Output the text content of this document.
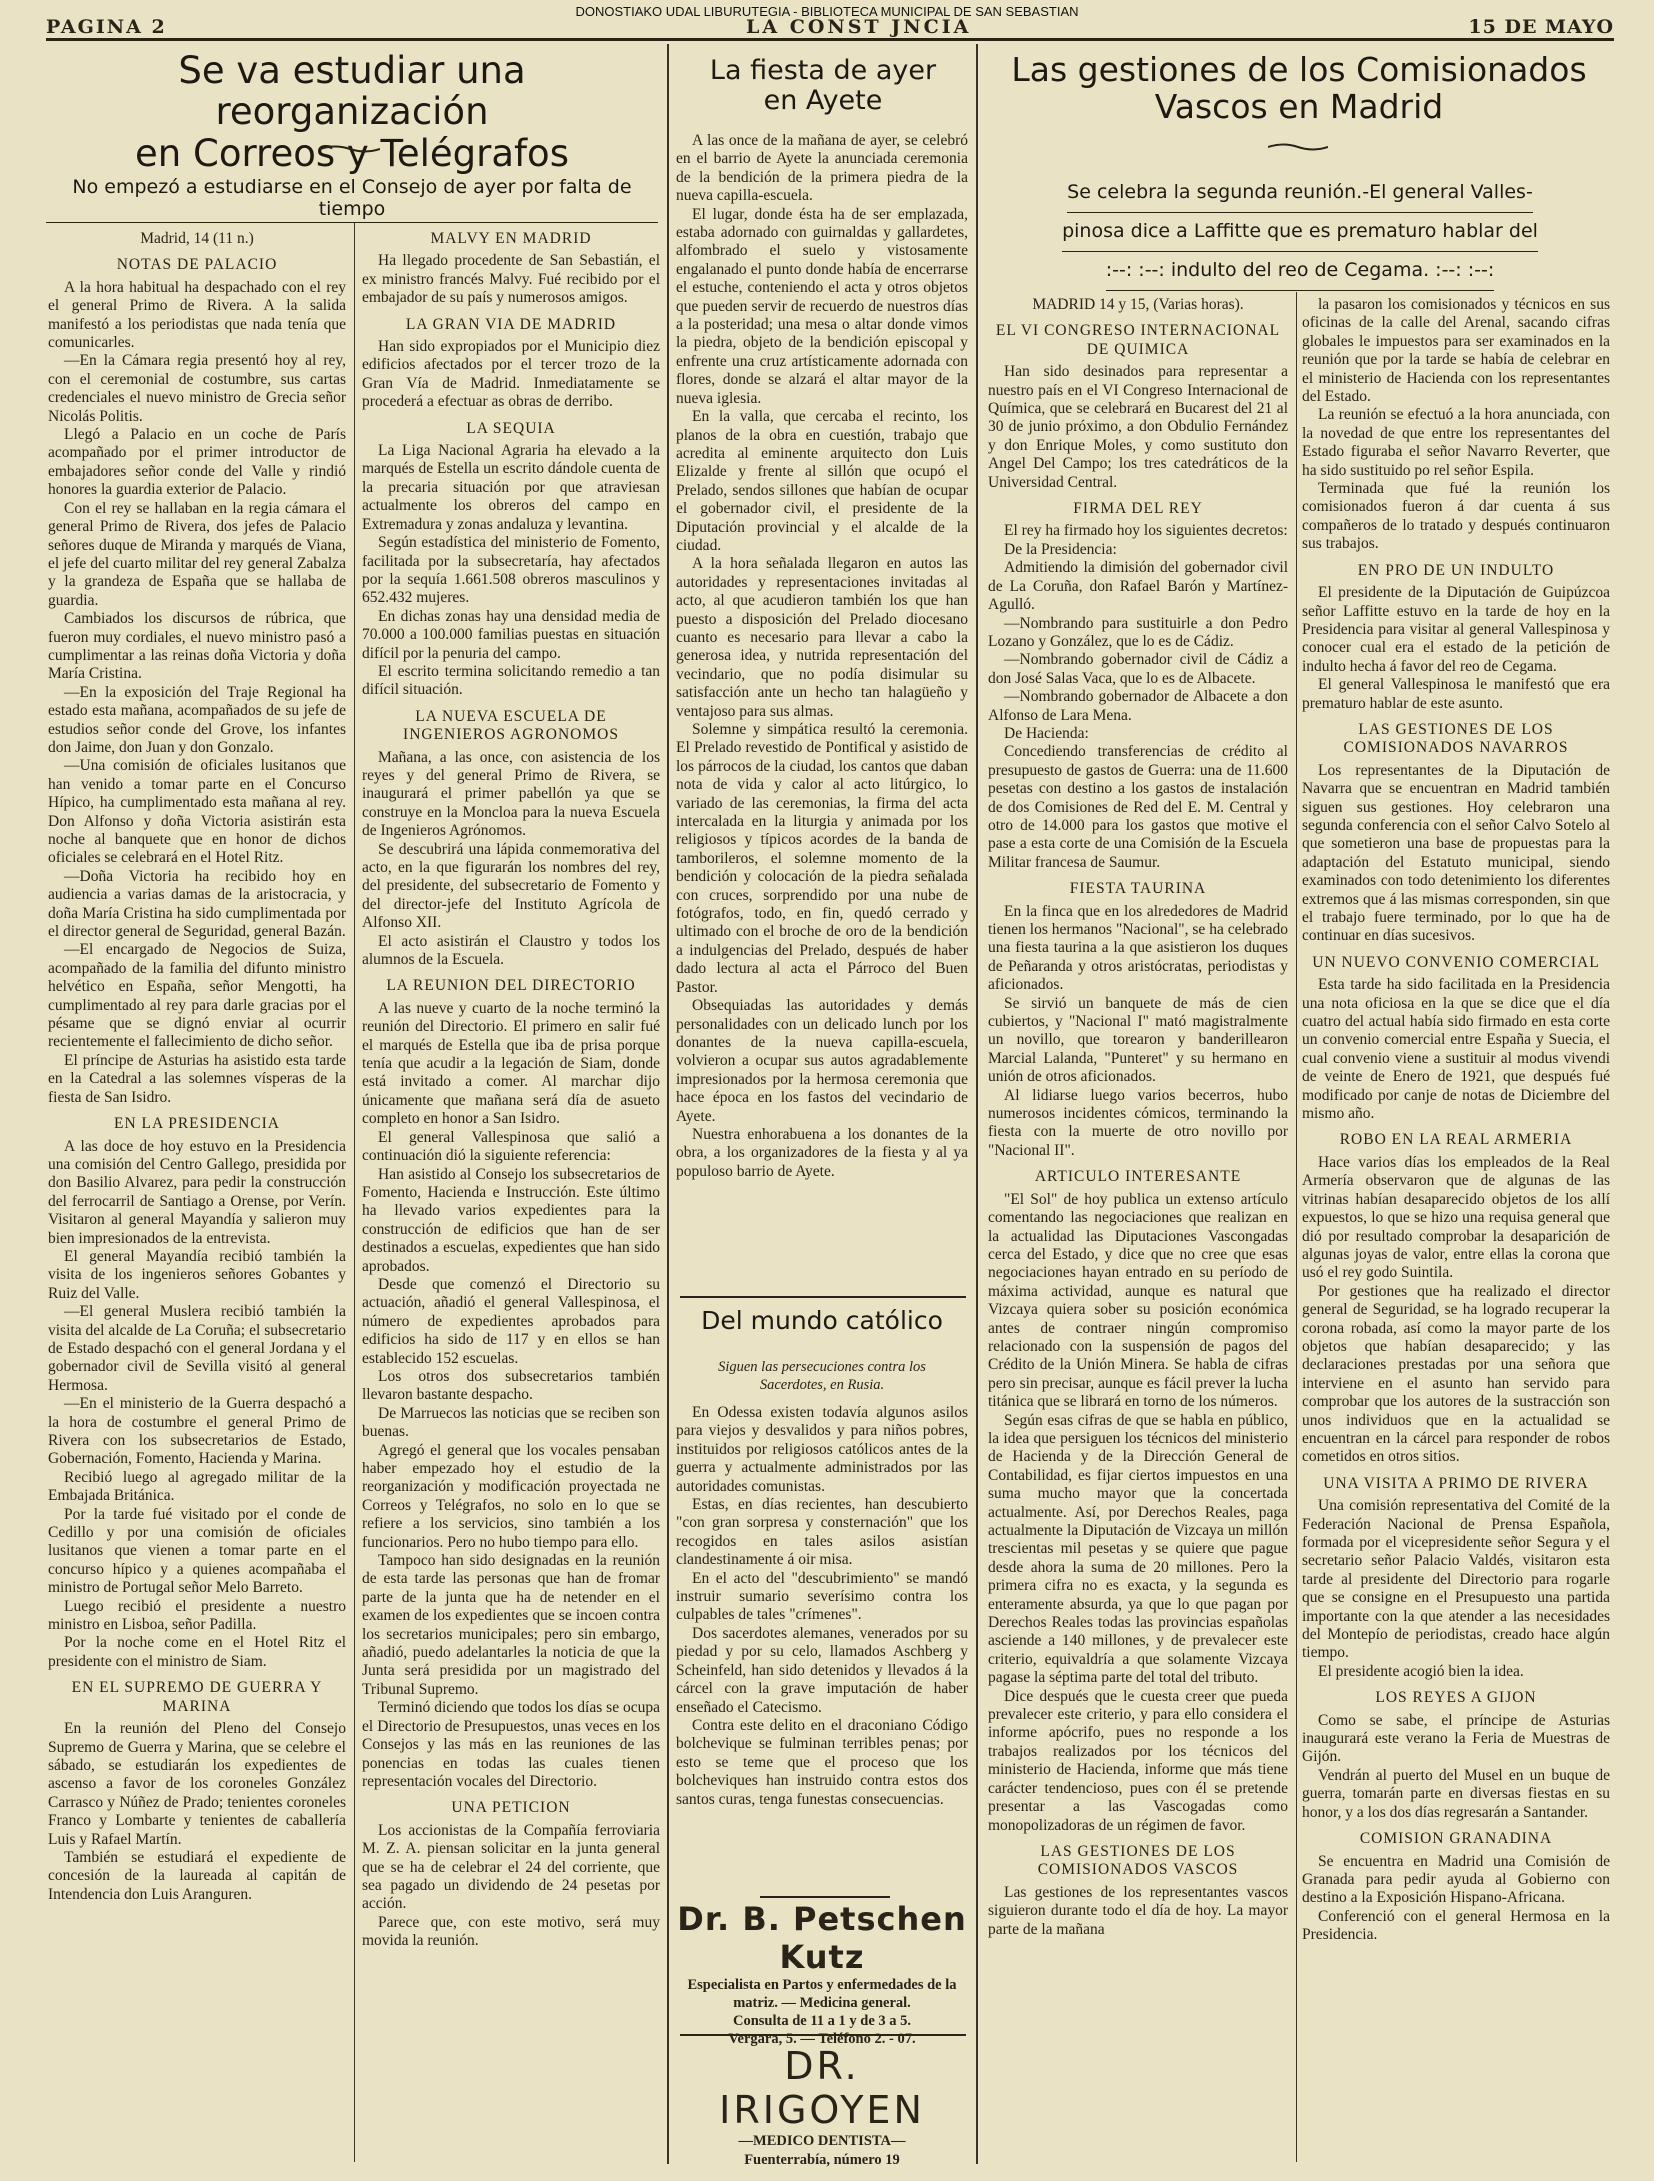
DONOSTIAKO UDAL LIBURUTEGIA - BIBLIOTECA MUNICIPAL DE SAN SEBASTIAN
PAGINA 2	LA CONST JNCIA	15 DE MAYO
Se va estudiar una reorganización
en Correos y Telégrafos
No empezó a estudiarse en el Consejo de ayer por falta de tiempo

Madrid, 14 (11 n.)

NOTAS DE PALACIO

A la hora habitual ha despachado con el rey el general Primo de Rivera. A la salida manifestó a los periodistas que nada tenía que comunicarles.

—En la Cámara regia presentó hoy al rey, con el ceremonial de costumbre, sus cartas credenciales el nuevo ministro de Grecia señor Nicolás Politis.

Llegó a Palacio en un coche de París acompañado por el primer introductor de embajadores señor conde del Valle y rindió honores la guardia exterior de Palacio.

Con el rey se hallaban en la regia cámara el general Primo de Rivera, dos jefes de Palacio señores duque de Miranda y marqués de Viana, el jefe del cuarto militar del rey general Zabalza y la grandeza de España que se hallaba de guardia.

Cambiados los discursos de rúbrica, que fueron muy cordiales, el nuevo ministro pasó a cumplimentar a las reinas doña Victoria y doña María Cristina.

—En la exposición del Traje Regional ha estado esta mañana, acompañados de su jefe de estudios señor conde del Grove, los infantes don Jaime, don Juan y don Gonzalo.

—Una comisión de oficiales lusitanos que han venido a tomar parte en el Concurso Hípico, ha cumplimentado esta mañana al rey. Don Alfonso y doña Victoria asistirán esta noche al banquete que en honor de dichos oficiales se celebrará en el Hotel Ritz.

—Doña Victoria ha recibido hoy en audiencia a varias damas de la aristocracia, y doña María Cristina ha sido cumplimentada por el director general de Seguridad, general Bazán.

—El encargado de Negocios de Suiza, acompañado de la familia del difunto ministro helvético en España, señor Mengotti, ha cumplimentado al rey para darle gracias por el pésame que se dignó enviar al ocurrir recientemente el fallecimiento de dicho señor.

El príncipe de Asturias ha asistido esta tarde en la Catedral a las solemnes vísperas de la fiesta de San Isidro.

EN LA PRESIDENCIA

A las doce de hoy estuvo en la Presidencia una comisión del Centro Gallego, presidida por don Basilio Alvarez, para pedir la construcción del ferrocarril de Santiago a Orense, por Verín. Visitaron al general Mayandía y salieron muy bien impresionados de la entrevista.

El general Mayandía recibió también la visita de los ingenieros señores Gobantes y Ruiz del Valle.

—El general Muslera recibió también la visita del alcalde de La Coruña; el subsecretario de Estado despachó con el general Jordana y el gobernador civil de Sevilla visitó al general Hermosa.

—En el ministerio de la Guerra despachó a la hora de costumbre el general Primo de Rivera con los subsecretarios de Estado, Gobernación, Fomento, Hacienda y Marina.

Recibió luego al agregado militar de la Embajada Británica.

Por la tarde fué visitado por el conde de Cedillo y por una comisión de oficiales lusitanos que vienen a tomar parte en el concurso hípico y a quienes acompañaba el ministro de Portugal señor Melo Barreto.

Luego recibió el presidente a nuestro ministro en Lisboa, señor Padilla.

Por la noche come en el Hotel Ritz el presidente con el ministro de Siam.

EN EL SUPREMO DE GUERRA Y MARINA

En la reunión del Pleno del Consejo Supremo de Guerra y Marina, que se celebre el sábado, se estudiarán los expedientes de ascenso a favor de los coroneles González Carrasco y Núñez de Prado; tenientes coroneles Franco y Lombarte y tenientes de caballería Luis y Rafael Martín.

También se estudiará el expediente de concesión de la laureada al capitán de Intendencia don Luis Aranguren.

MALVY EN MADRID

Ha llegado procedente de San Sebastián, el ex ministro francés Malvy. Fué recibido por el embajador de su país y numerosos amigos.

LA GRAN VIA DE MADRID

Han sido expropiados por el Municipio diez edificios afectados por el tercer trozo de la Gran Vía de Madrid. Inmediatamente se procederá a efectuar as obras de derribo.

LA SEQUIA

La Liga Nacional Agraria ha elevado a la marqués de Estella un escrito dándole cuenta de la precaria situación por que atraviesan actualmente los obreros del campo en Extremadura y zonas andaluza y levantina.

Según estadística del ministerio de Fomento, facilitada por la subsecretaría, hay afectados por la sequía 1.661.508 obreros masculinos y 652.432 mujeres.

En dichas zonas hay una densidad media de 70.000 a 100.000 familias puestas en situación difícil por la penuria del campo.

El escrito termina solicitando remedio a tan difícil situación.

LA NUEVA ESCUELA DE INGENIEROS AGRONOMOS

Mañana, a las once, con asistencia de los reyes y del general Primo de Rivera, se inaugurará el primer pabellón ya que se construye en la Moncloa para la nueva Escuela de Ingenieros Agrónomos.

Se descubrirá una lápida conmemorativa del acto, en la que figurarán los nombres del rey, del presidente, del subsecretario de Fomento y del director-jefe del Instituto Agrícola de Alfonso XII.

El acto asistirán el Claustro y todos los alumnos de la Escuela.

LA REUNION DEL DIRECTORIO

A las nueve y cuarto de la noche terminó la reunión del Directorio. El primero en salir fué el marqués de Estella que iba de prisa porque tenía que acudir a la legación de Siam, donde está invitado a comer. Al marchar dijo únicamente que mañana será día de asueto completo en honor a San Isidro.

El general Vallespinosa que salió a continuación dió la siguiente referencia:

Han asistido al Consejo los subsecretarios de Fomento, Hacienda e Instrucción. Este último ha llevado varios expedientes para la construcción de edificios que han de ser destinados a escuelas, expedientes que han sido aprobados.

Desde que comenzó el Directorio su actuación, añadió el general Vallespinosa, el número de expedientes aprobados para edificios ha sido de 117 y en ellos se han establecido 152 escuelas.

Los otros dos subsecretarios también llevaron bastante despacho.

De Marruecos las noticias que se reciben son buenas.

Agregó el general que los vocales pensaban haber empezado hoy el estudio de la reorganización y modificación proyectada ne Correos y Telégrafos, no solo en lo que se refiere a los servicios, sino también a los funcionarios. Pero no hubo tiempo para ello.

Tampoco han sido designadas en la reunión de esta tarde las personas que han de fromar parte de la junta que ha de netender en el examen de los expedientes que se incoen contra los secretarios municipales; pero sin embargo, añadió, puedo adelantarles la noticia de que la Junta será presidida por un magistrado del Tribunal Supremo.

Terminó diciendo que todos los días se ocupa el Directorio de Presupuestos, unas veces en los Consejos y las más en las reuniones de las ponencias en todas las cuales tienen representación vocales del Directorio.

UNA PETICION

Los accionistas de la Compañía ferroviaria M. Z. A. piensan solicitar en la junta general que se ha de celebrar el 24 del corriente, que sea pagado un dividendo de 24 pesetas por acción.

Parece que, con este motivo, será muy movida la reunión.

La fiesta de ayer
en Ayete

A las once de la mañana de ayer, se celebró en el barrio de Ayete la anunciada ceremonia de la bendición de la primera piedra de la nueva capilla-escuela.

El lugar, donde ésta ha de ser emplazada, estaba adornado con guirnaldas y gallardetes, alfombrado el suelo y vistosamente engalanado el punto donde había de encerrarse el estuche, conteniendo el acta y otros objetos que pueden servir de recuerdo de nuestros días a la posteridad; una mesa o altar donde vimos la piedra, objeto de la bendición episcopal y enfrente una cruz artísticamente adornada con flores, donde se alzará el altar mayor de la nueva iglesia.

En la valla, que cercaba el recinto, los planos de la obra en cuestión, trabajo que acredita al eminente arquitecto don Luis Elizalde y frente al sillón que ocupó el Prelado, sendos sillones que habían de ocupar el gobernador civil, el presidente de la Diputación provincial y el alcalde de la ciudad.

A la hora señalada llegaron en autos las autoridades y representaciones invitadas al acto, al que acudieron también los que han puesto a disposición del Prelado diocesano cuanto es necesario para llevar a cabo la generosa idea, y nutrida representación del vecindario, que no podía disimular su satisfacción ante un hecho tan halagüeño y ventajoso para sus almas.

Solemne y simpática resultó la ceremonia. El Prelado revestido de Pontifical y asistido de los párrocos de la ciudad, los cantos que daban nota de vida y calor al acto litúrgico, lo variado de las ceremonias, la firma del acta intercalada en la liturgia y animada por los religiosos y típicos acordes de la banda de tamborileros, el solemne momento de la bendición y colocación de la piedra señalada con cruces, sorprendido por una nube de fotógrafos, todo, en fin, quedó cerrado y ultimado con el broche de oro de la bendición a indulgencias del Prelado, después de haber dado lectura al acta el Párroco del Buen Pastor.

Obsequiadas las autoridades y demás personalidades con un delicado lunch por los donantes de la nueva capilla-escuela, volvieron a ocupar sus autos agradablemente impresionados por la hermosa ceremonia que hace época en los fastos del vecindario de Ayete.

Nuestra enhorabuena a los donantes de la obra, a los organizadores de la fiesta y al ya populoso barrio de Ayete.

Del mundo católico
Siguen las persecuciones contra los Sacerdotes, en Rusia.

En Odessa existen todavía algunos asilos para viejos y desvalidos y para niños pobres, instituidos por religiosos católicos antes de la guerra y actualmente administrados por las autoridades comunistas.

Estas, en días recientes, han descubierto "con gran sorpresa y consternación" que los recogidos en tales asilos asistían clandestinamente á oir misa.

En el acto del "descubrimiento" se mandó instruir sumario severísimo contra los culpables de tales "crímenes".

Dos sacerdotes alemanes, venerados por su piedad y por su celo, llamados Aschberg y Scheinfeld, han sido detenidos y llevados á la cárcel con la grave imputación de haber enseñado el Catecismo.

Contra este delito en el draconiano Código bolchevique se fulminan terribles penas; por esto se teme que el proceso que los bolcheviques han instruido contra estos dos santos curas, tenga funestas consecuencias.

Dr. B. Petschen Kutz
Especialista en Partos y enfermedades de la matriz. — Medicina general.
Consulta de 11 a 1 y de 3 a 5.
Vergara, 5. — Teléfono 2. - 07.
DR. IRIGOYEN
—MEDICO DENTISTA—
Fuenterrabía, número 19
Las gestiones de los Comisionados
Vascos en Madrid
Se celebra la segunda reunión.-El general Valles-
pinosa dice a Laffitte que es prematuro hablar del
:--: :--: indulto del reo de Cegama. :--: :--:

MADRID 14 y 15, (Varias horas).

EL VI CONGRESO INTERNACIONAL DE QUIMICA

Han sido desinados para representar a nuestro país en el VI Congreso Internacional de Química, que se celebrará en Bucarest del 21 al 30 de junio próximo, a don Obdulio Fernández y don Enrique Moles, y como sustituto don Angel Del Campo; los tres catedráticos de la Universidad Central.

FIRMA DEL REY

El rey ha firmado hoy los siguientes decretos:

De la Presidencia:

Admitiendo la dimisión del gobernador civil de La Coruña, don Rafael Barón y Martínez-Agulló.

—Nombrando para sustituirle a don Pedro Lozano y González, que lo es de Cádiz.

—Nombrando gobernador civil de Cádiz a don José Salas Vaca, que lo es de Albacete.

—Nombrando gobernador de Albacete a don Alfonso de Lara Mena.

De Hacienda:

Concediendo transferencias de crédito al presupuesto de gastos de Guerra: una de 11.600 pesetas con destino a los gastos de instalación de dos Comisiones de Red del E. M. Central y otro de 14.000 para los gastos que motive el pase a esta corte de una Comisión de la Escuela Militar francesa de Saumur.

FIESTA TAURINA

En la finca que en los alrededores de Madrid tienen los hermanos "Nacional", se ha celebrado una fiesta taurina a la que asistieron los duques de Peñaranda y otros aristócratas, periodistas y aficionados.

Se sirvió un banquete de más de cien cubiertos, y "Nacional I" mató magistralmente un novillo, que torearon y banderillearon Marcial Lalanda, "Punteret" y su hermano en unión de otros aficionados.

Al lidiarse luego varios becerros, hubo numerosos incidentes cómicos, terminando la fiesta con la muerte de otro novillo por "Nacional II".

ARTICULO INTERESANTE

"El Sol" de hoy publica un extenso artículo comentando las negociaciones que realizan en la actualidad las Diputaciones Vascongadas cerca del Estado, y dice que no cree que esas negociaciones hayan entrado en su período de máxima actividad, aunque es natural que Vizcaya quiera sober su posición económica antes de contraer ningún compromiso relacionado con la suspensión de pagos del Crédito de la Unión Minera. Se habla de cifras pero sin precisar, aunque es fácil prever la lucha titánica que se librará en torno de los números.

Según esas cifras de que se habla en público, la idea que persiguen los técnicos del ministerio de Hacienda y de la Dirección General de Contabilidad, es fijar ciertos impuestos en una suma mucho mayor que la concertada actualmente. Así, por Derechos Reales, paga actualmente la Diputación de Vizcaya un millón trescientas mil pesetas y se quiere que pague desde ahora la suma de 20 millones. Pero la primera cifra no es exacta, y la segunda es enteramente absurda, ya que lo que pagan por Derechos Reales todas las provincias españolas asciende a 140 millones, y de prevalecer este criterio, equivaldría a que solamente Vizcaya pagase la séptima parte del total del tributo.

Dice después que le cuesta creer que pueda prevalecer este criterio, y para ello considera el informe apócrifo, pues no responde a los trabajos realizados por los técnicos del ministerio de Hacienda, informe que más tiene carácter tendencioso, pues con él se pretende presentar a las Vascogadas como monopolizadoras de un régimen de favor.

LAS GESTIONES DE LOS COMISIONADOS VASCOS

Las gestiones de los representantes vascos siguieron durante todo el día de hoy. La mayor parte de la mañana

la pasaron los comisionados y técnicos en sus oficinas de la calle del Arenal, sacando cifras globales le impuestos para ser examinados en la reunión que por la tarde se había de celebrar en el ministerio de Hacienda con los representantes del Estado.

La reunión se efectuó a la hora anunciada, con la novedad de que entre los representantes del Estado figuraba el señor Navarro Reverter, que ha sido sustituido po rel señor Espila.

Terminada que fué la reunión los comisionados fueron á dar cuenta á sus compañeros de lo tratado y después continuaron sus trabajos.

EN PRO DE UN INDULTO

El presidente de la Diputación de Guipúzcoa señor Laffitte estuvo en la tarde de hoy en la Presidencia para visitar al general Vallespinosa y conocer cual era el estado de la petición de indulto hecha á favor del reo de Cegama.

El general Vallespinosa le manifestó que era prematuro hablar de este asunto.

LAS GESTIONES DE LOS COMISIONADOS NAVARROS

Los representantes de la Diputación de Navarra que se encuentran en Madrid también siguen sus gestiones. Hoy celebraron una segunda conferencia con el señor Calvo Sotelo al que sometieron una base de propuestas para la adaptación del Estatuto municipal, siendo examinados con todo detenimiento los diferentes extremos que á las mismas corresponden, sin que el trabajo fuere terminado, por lo que ha de continuar en días sucesivos.

UN NUEVO CONVENIO COMERCIAL

Esta tarde ha sido facilitada en la Presidencia una nota oficiosa en la que se dice que el día cuatro del actual había sido firmado en esta corte un convenio comercial entre España y Suecia, el cual convenio viene a sustituir al modus vivendi de veinte de Enero de 1921, que después fué modificado por canje de notas de Diciembre del mismo año.

ROBO EN LA REAL ARMERIA

Hace varios días los empleados de la Real Armería observaron que de algunas de las vitrinas habían desaparecido objetos de los allí expuestos, lo que se hizo una requisa general que dió por resultado comprobar la desaparición de algunas joyas de valor, entre ellas la corona que usó el rey godo Suintila.

Por gestiones que ha realizado el director general de Seguridad, se ha logrado recuperar la corona robada, así como la mayor parte de los objetos que habían desaparecido; y las declaraciones prestadas por una señora que interviene en el asunto han servido para comprobar que los autores de la sustracción son unos individuos que en la actualidad se encuentran en la cárcel para responder de robos cometidos en otros sitios.

UNA VISITA A PRIMO DE RIVERA

Una comisión representativa del Comité de la Federación Nacional de Prensa Española, formada por el vicepresidente señor Segura y el secretario señor Palacio Valdés, visitaron esta tarde al presidente del Directorio para rogarle que se consigne en el Presupuesto una partida importante con la que atender a las necesidades del Montepío de periodistas, creado hace algún tiempo.

El presidente acogió bien la idea.

LOS REYES A GIJON

Como se sabe, el príncipe de Asturias inaugurará este verano la Feria de Muestras de Gijón.

Vendrán al puerto del Musel en un buque de guerra, tomarán parte en diversas fiestas en su honor, y a los dos días regresarán a Santander.

COMISION GRANADINA

Se encuentra en Madrid una Comisión de Granada para pedir ayuda al Gobierno con destino a la Exposición Hispano-Africana.

Conferenció con el general Hermosa en la Presidencia.
